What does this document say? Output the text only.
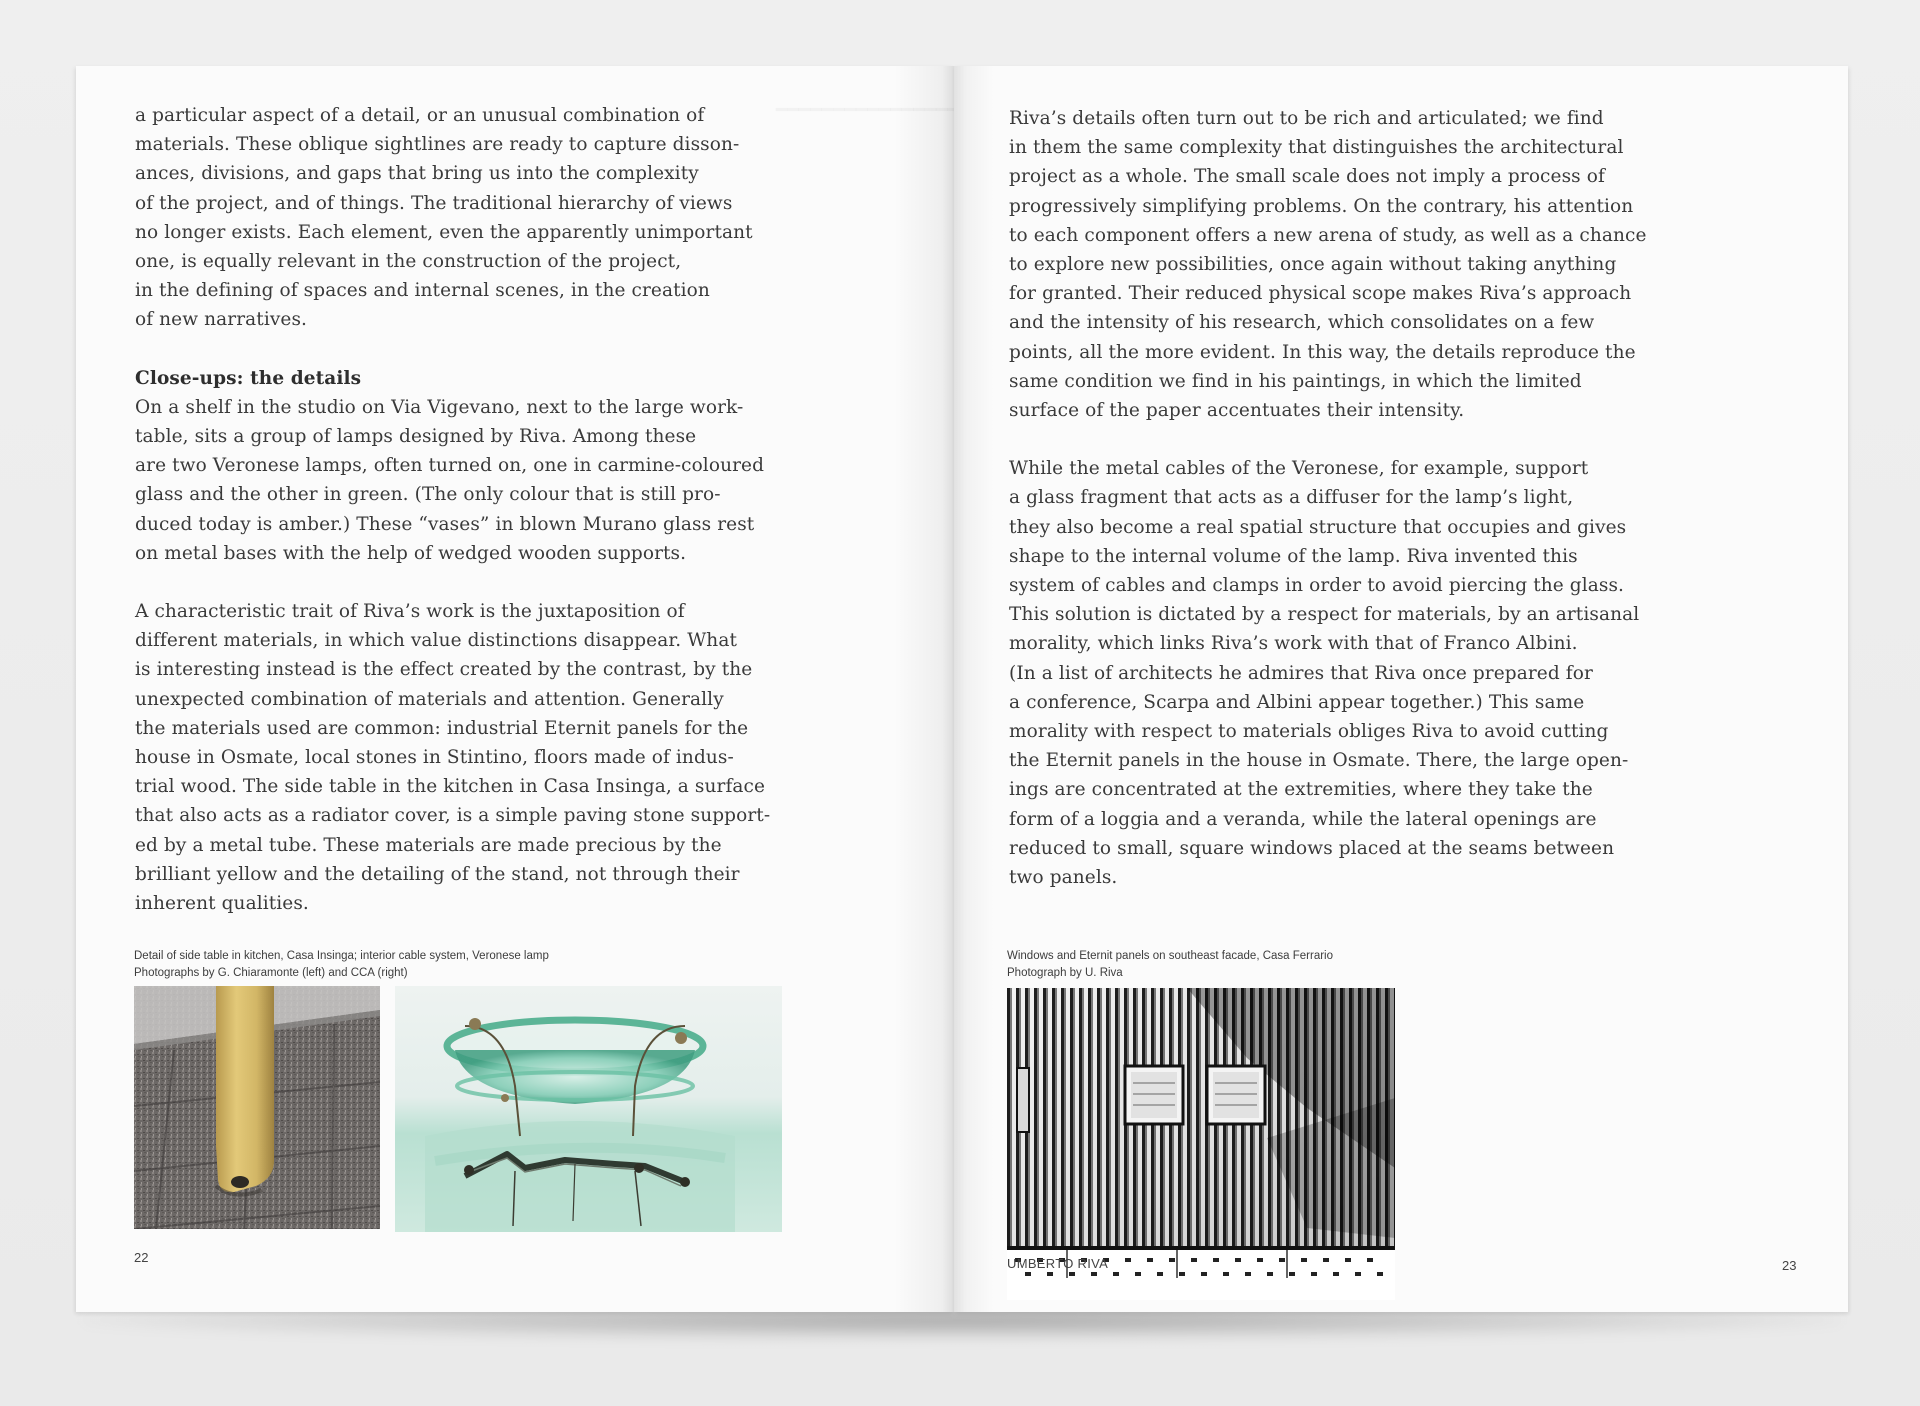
a particular aspect of a detail, or an unusual combination of

materials. These oblique sightlines are ready to capture disson-

ances, divisions, and gaps that bring us into the complexity

of the project, and of things. The traditional hierarchy of views

no longer exists. Each element, even the apparently unimportant

one, is equally relevant in the construction of the project,

in the defining of spaces and internal scenes, in the creation

of new narratives.

Close-ups: the details

On a shelf in the studio on Via Vigevano, next to the large work-

table, sits a group of lamps designed by Riva. Among these

are two Veronese lamps, often turned on, one in carmine-coloured

glass and the other in green. (The only colour that is still pro-

duced today is amber.) These “vases” in blown Murano glass rest

on metal bases with the help of wedged wooden supports.

A characteristic trait of Riva’s work is the juxtaposition of

different materials, in which value distinctions disappear. What

is interesting instead is the effect created by the contrast, by the

unexpected combination of materials and attention. Generally

the materials used are common: industrial Eternit panels for the

house in Osmate, local stones in Stintino, floors made of indus-

trial wood. The side table in the kitchen in Casa Insinga, a surface

that also acts as a radiator cover, is a simple paving stone support-

ed by a metal tube. These materials are made precious by the

brilliant yellow and the detailing of the stand, not through their

inherent qualities.

Detail of side table in kitchen, Casa Insinga; interior cable system, Veronese lamp
Photographs by G. Chiaramonte (left) and CCA (right)
22

Riva’s details often turn out to be rich and articulated; we find

in them the same complexity that distinguishes the architectural

project as a whole. The small scale does not imply a process of

progressively simplifying problems. On the contrary, his attention

to each component offers a new arena of study, as well as a chance

to explore new possibilities, once again without taking anything

for granted. Their reduced physical scope makes Riva’s approach

and the intensity of his research, which consolidates on a few

points, all the more evident. In this way, the details reproduce the

same condition we find in his paintings, in which the limited

surface of the paper accentuates their intensity.

While the metal cables of the Veronese, for example, support

a glass fragment that acts as a diffuser for the lamp’s light,

they also become a real spatial structure that occupies and gives

shape to the internal volume of the lamp. Riva invented this

system of cables and clamps in order to avoid piercing the glass.

This solution is dictated by a respect for materials, by an artisanal

morality, which links Riva’s work with that of Franco Albini.

(In a list of architects he admires that Riva once prepared for

a conference, Scarpa and Albini appear together.) This same

morality with respect to materials obliges Riva to avoid cutting

the Eternit panels in the house in Osmate. There, the large open-

ings are concentrated at the extremities, where they take the

form of a loggia and a veranda, while the lateral openings are

reduced to small, square windows placed at the seams between

two panels.

Windows and Eternit panels on southeast facade, Casa Ferrario
Photograph by U. Riva
UMBERTO RIVA	23
